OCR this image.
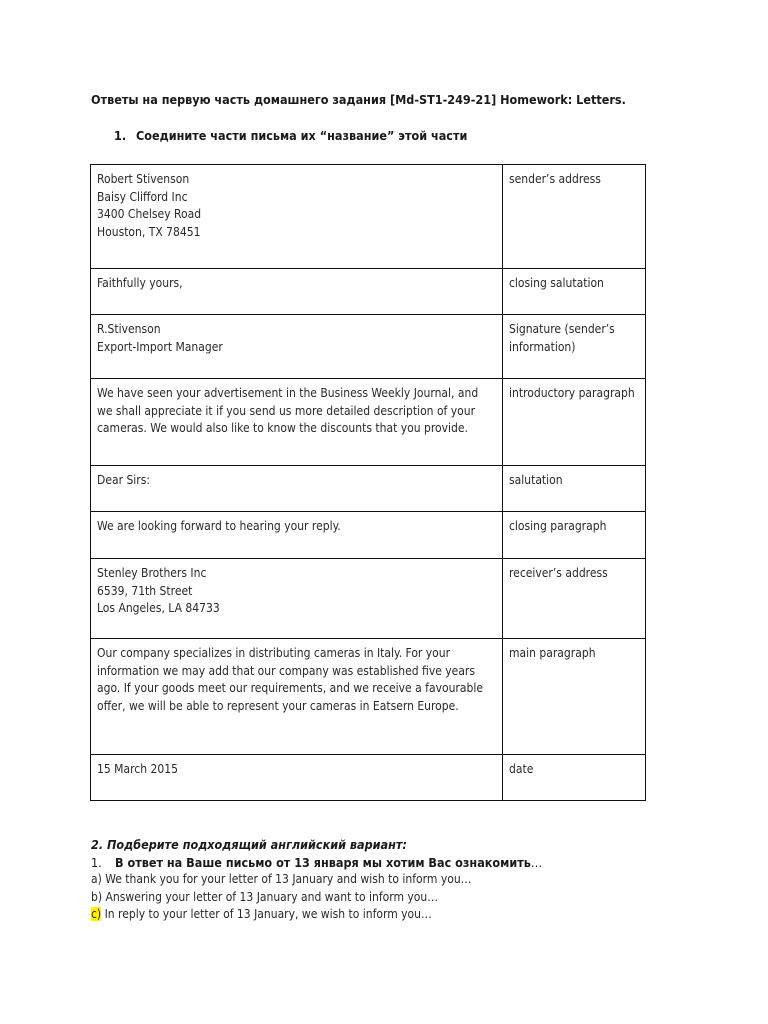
Ответы на первую часть домашнего задания [Md-ST1-249-21] Homework: Letters.
1. Соедините части письма их “название” этой части
Robert Stivenson
Baisy Clifford Inc
3400 Chelsey Road
Houston, TX 78451	sender’s address
Faithfully yours,	closing salutation
R.Stivenson
Export-Import Manager	Signature (sender’s information)
We have seen your advertisement in the Business Weekly Journal, and we shall appreciate it if you send us more detailed description of your cameras. We would also like to know the discounts that you provide.	introductory paragraph
Dear Sirs:	salutation
We are looking forward to hearing your reply.	closing paragraph
Stenley Brothers Inc
6539, 71th Street
Los Angeles, LA 84733	receiver’s address
Our company specializes in distributing cameras in Italy. For your information we may add that our company was established five years ago. If your goods meet our requirements, and we receive a favourable offer, we will be able to represent your cameras in Eatsern Europe.	main paragraph
15 March 2015	date
2. Подберите подходящий английский вариант:
1. В ответ на Ваше письмо от 13 января мы хотим Вас ознакомить…
a) We thank you for your letter of 13 January and wish to inform you…
b) Answering your letter of 13 January and want to inform you…
c) In reply to your letter of 13 January, we wish to inform you…
